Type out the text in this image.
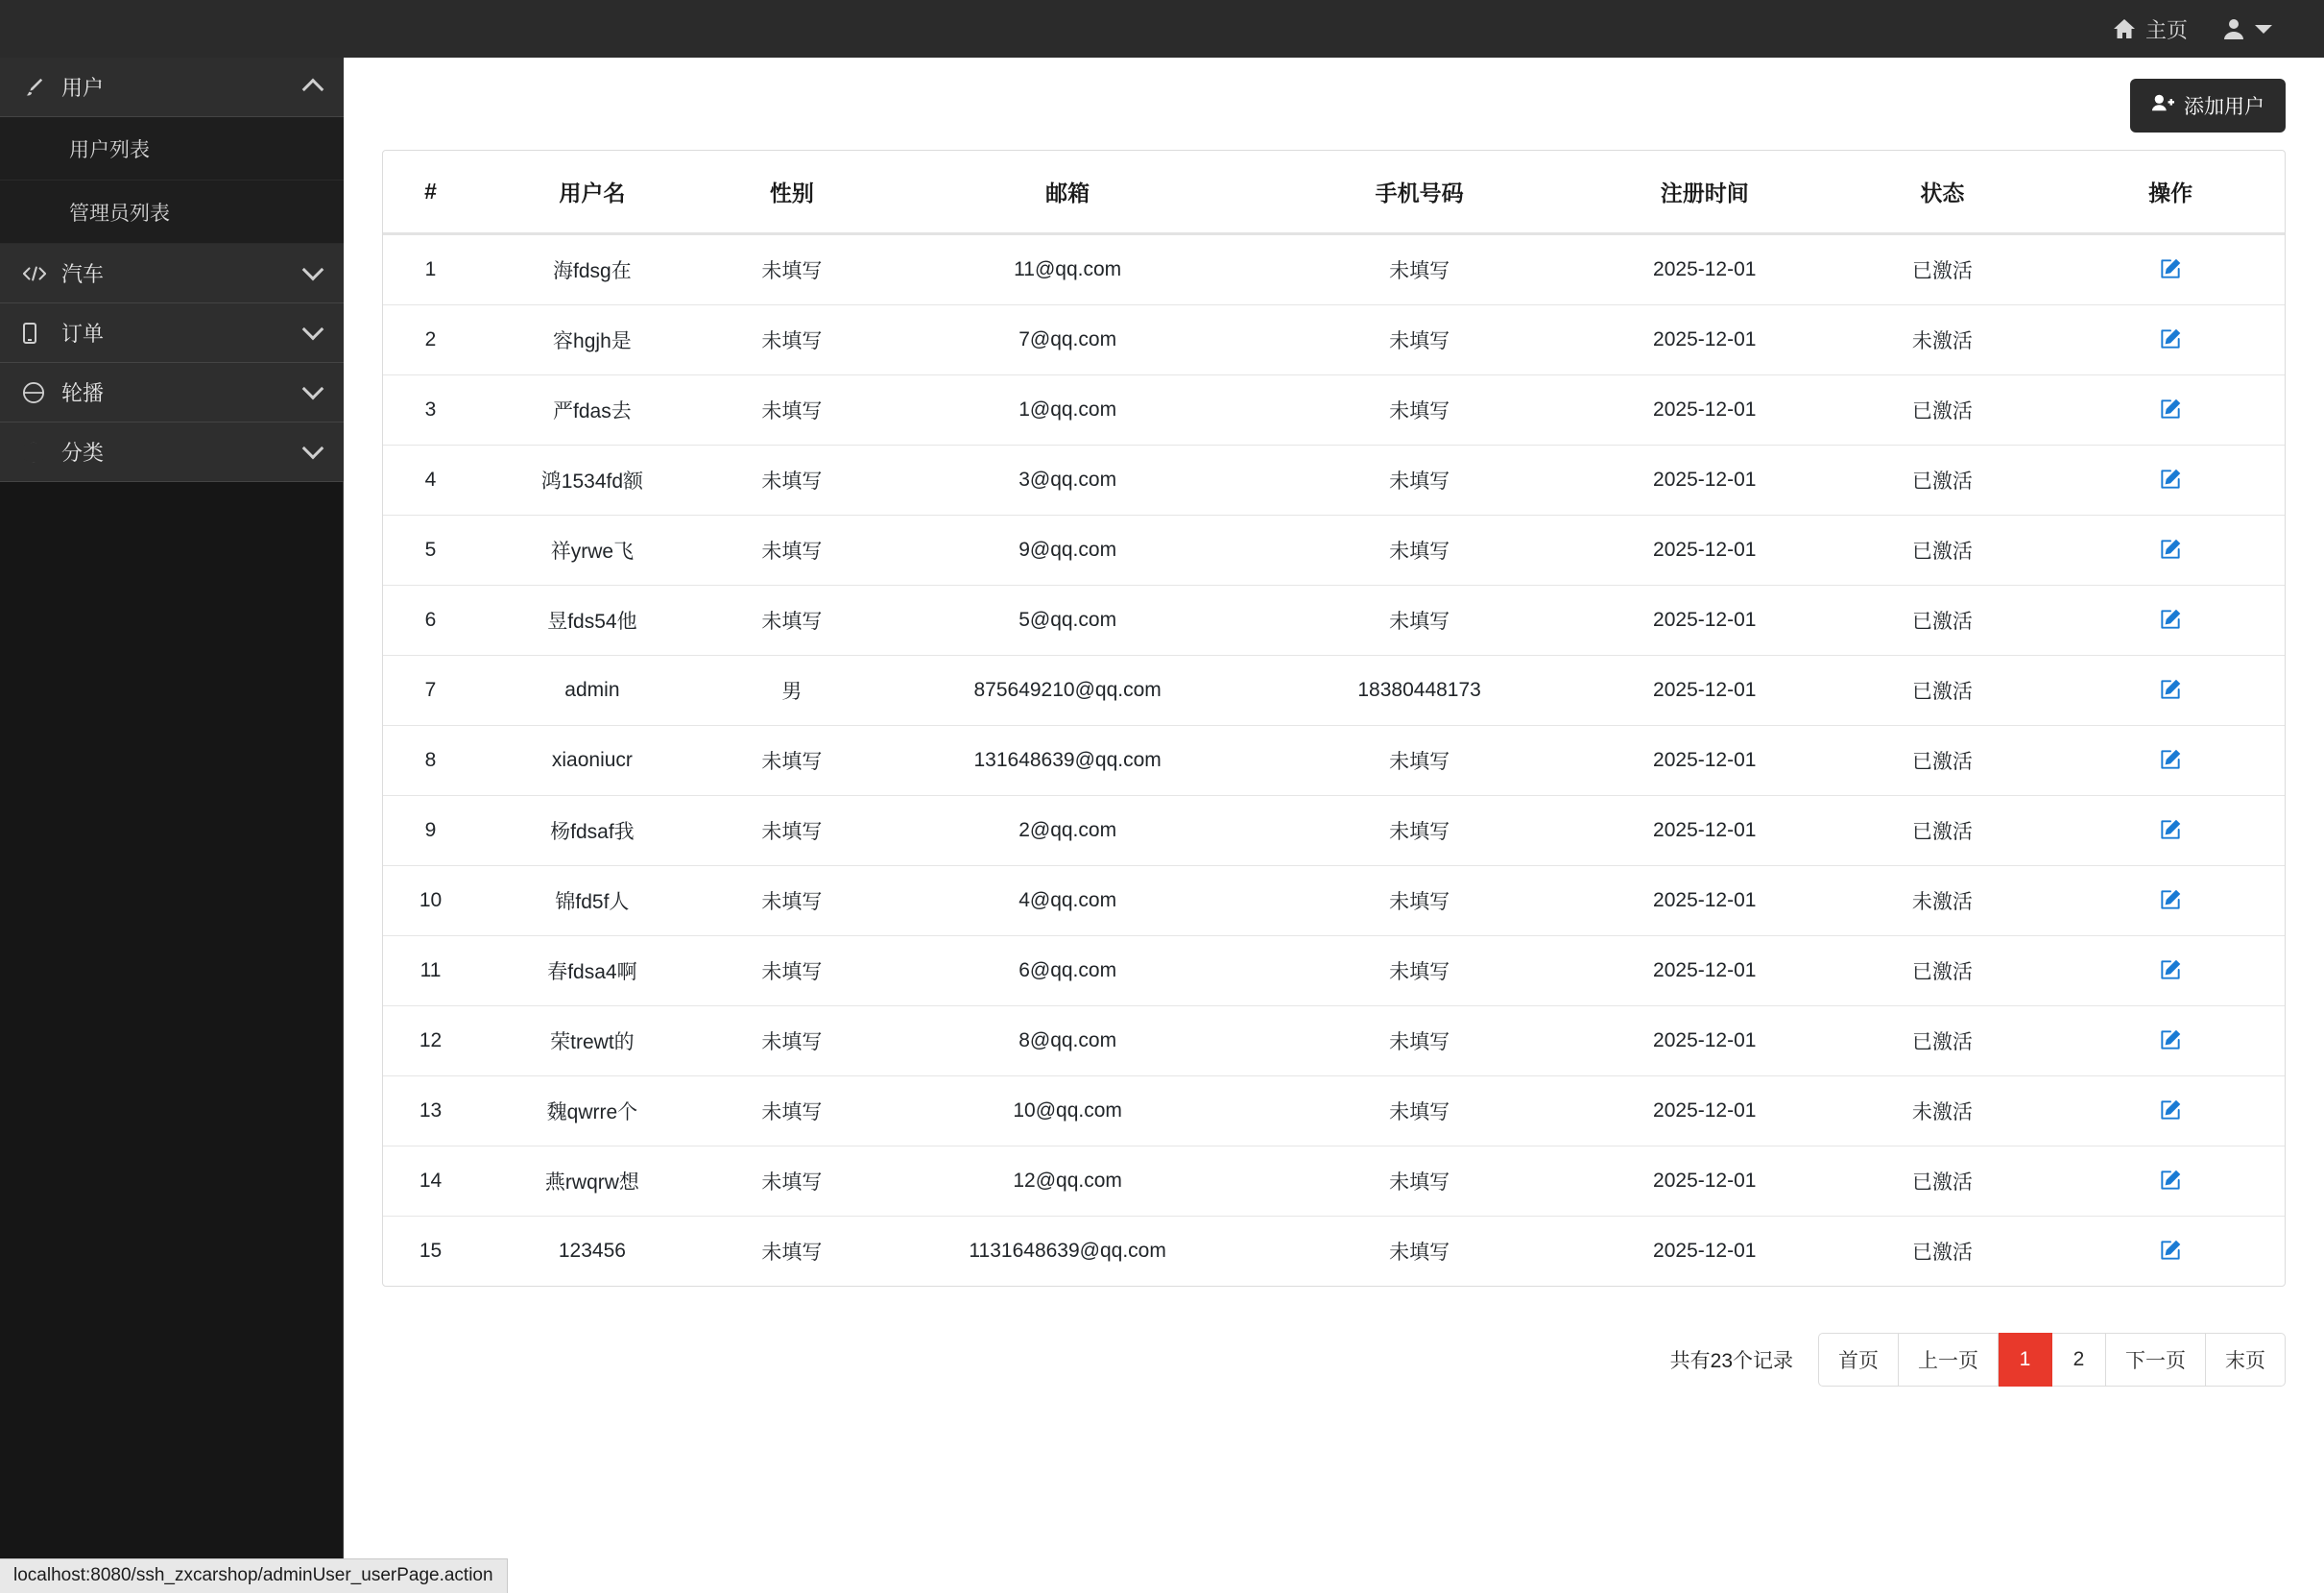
主页
用户
用户列表
管理员列表
汽车
订单
轮播
分类
添加用户
#	用户名	性别	邮箱	手机号码	注册时间	状态	操作
1	海fdsg在	未填写	11@qq.com	未填写	2025-12-01	已激活	

2	容hgjh是	未填写	7@qq.com	未填写	2025-12-01	未激活	

3	严fdas去	未填写	1@qq.com	未填写	2025-12-01	已激活	

4	鸿1534fd额	未填写	3@qq.com	未填写	2025-12-01	已激活	

5	祥yrwe飞	未填写	9@qq.com	未填写	2025-12-01	已激活	

6	昱fds54他	未填写	5@qq.com	未填写	2025-12-01	已激活	

7	admin	男	875649210@qq.com	18380448173	2025-12-01	已激活	

8	xiaoniucr	未填写	131648639@qq.com	未填写	2025-12-01	已激活	

9	杨fdsaf我	未填写	2@qq.com	未填写	2025-12-01	已激活	

10	锦fd5f人	未填写	4@qq.com	未填写	2025-12-01	未激活	

11	春fdsa4啊	未填写	6@qq.com	未填写	2025-12-01	已激活	

12	荣trewt的	未填写	8@qq.com	未填写	2025-12-01	已激活	

13	魏qwrre个	未填写	10@qq.com	未填写	2025-12-01	未激活	

14	燕rwqrw想	未填写	12@qq.com	未填写	2025-12-01	已激活	

15	123456	未填写	1131648639@qq.com	未填写	2025-12-01	已激活	
共有23个记录	首页	上一页	1	2	下一页	末页
localhost:8080/ssh_zxcarshop/adminUser_userPage.action
